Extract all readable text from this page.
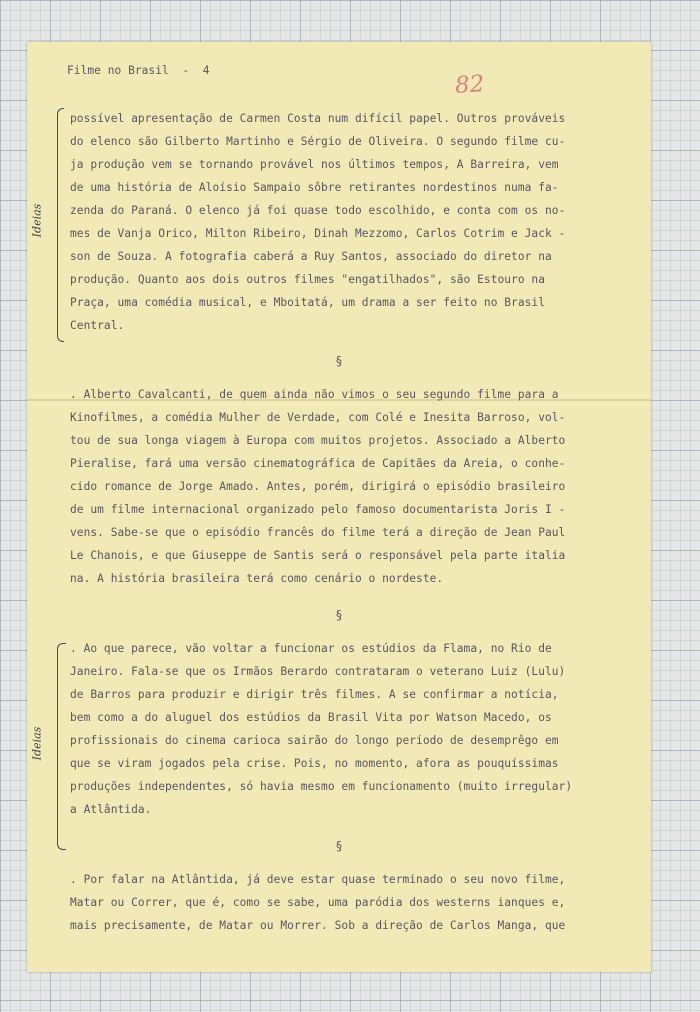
82

Filme no Brasil  -  4

Ideias
Ideias

possível apresentação de Carmen Costa num difícil papel. Outros prováveis

do elenco são Gilberto Martinho e Sérgio de Oliveira. O segundo filme cu-

ja produção vem se tornando provável nos últimos tempos, A Barreira, vem

de uma história de Aloísio Sampaio sôbre retirantes nordestinos numa fa-

zenda do Paraná. O elenco já foi quase todo escolhido, e conta com os no-

mes de Vanja Orico, Milton Ribeiro, Dinah Mezzomo, Carlos Cotrim e Jack -

son de Souza. A fotografia caberá a Ruy Santos, associado do diretor na

produção. Quanto aos dois outros filmes "engatilhados", são Estouro na

Praça, uma comédia musical, e Mboitatá, um drama a ser feito no Brasil

Central.

§

. Alberto Cavalcanti, de quem ainda não vimos o seu segundo filme para a

Kinofilmes, a comédia Mulher de Verdade, com Colé e Inesita Barroso, vol-

tou de sua longa viagem à Europa com muitos projetos. Associado a Alberto

Pieralise, fará uma versão cinematográfica de Capitães da Areia, o conhe-

cido romance de Jorge Amado. Antes, porém, dirigirá o episódio brasileiro

de um filme internacional organizado pelo famoso documentarista Joris I -

vens. Sabe-se que o episódio francês do filme terá a direção de Jean Paul

Le Chanois, e que Giuseppe de Santis será o responsável pela parte italia

na. A história brasileira terá como cenário o nordeste.

§

. Ao que parece, vão voltar a funcionar os estúdios da Flama, no Rio de

Janeiro. Fala-se que os Irmãos Berardo contrataram o veterano Luiz (Lulu)

de Barros para produzir e dirigir três filmes. A se confirmar a notícia,

bem como a do aluguel dos estúdios da Brasil Vita por Watson Macedo, os

profissionais do cinema carioca sairão do longo período de desemprêgo em

que se viram jogados pela crise. Pois, no momento, afora as pouquíssimas

produções independentes, só havia mesmo em funcionamento (muito irregular)

a Atlântida.

§

. Por falar na Atlântida, já deve estar quase terminado o seu novo filme,

Matar ou Correr, que é, como se sabe, uma paródia dos westerns ianques e,

mais precisamente, de Matar ou Morrer. Sob a direção de Carlos Manga, que
